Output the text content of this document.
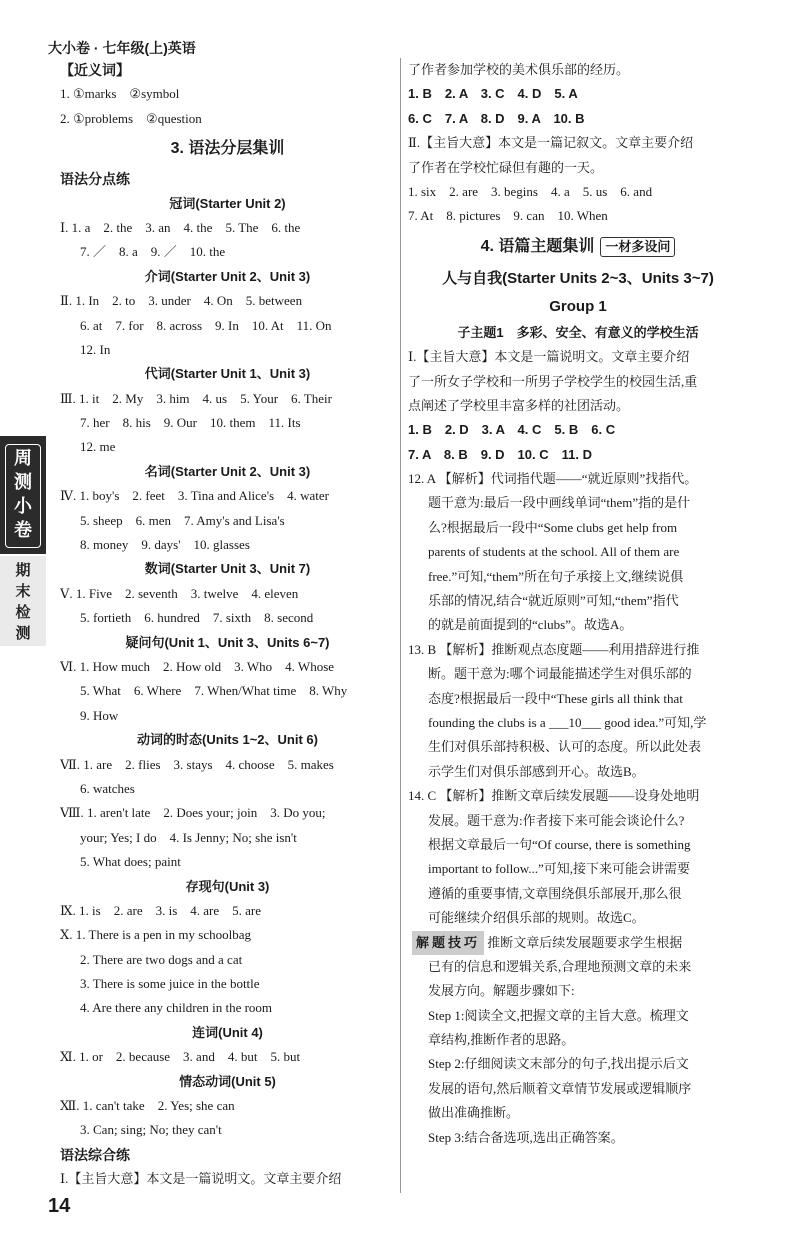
大小卷 · 七年级(上)英语
周
测
小
卷
期
末
检
测
【近义词】
1. ①marks　②symbol
2. ①problems　②question
3. 语法分层集训
语法分点练
冠词(Starter Unit 2)
Ⅰ. 1. a　2. the　3. an　4. the　5. The　6. the
7. ／　8. a　9. ／　10. the
介词(Starter Unit 2、Unit 3)
Ⅱ. 1. In　2. to　3. under　4. On　5. between
6. at　7. for　8. across　9. In　10. At　11. On
12. In
代词(Starter Unit 1、Unit 3)
Ⅲ. 1. it　2. My　3. him　4. us　5. Your　6. Their
7. her　8. his　9. Our　10. them　11. Its
12. me
名词(Starter Unit 2、Unit 3)
Ⅳ. 1. boy's　2. feet　3. Tina and Alice's　4. water
5. sheep　6. men　7. Amy's and Lisa's
8. money　9. days'　10. glasses
数词(Starter Unit 3、Unit 7)
Ⅴ. 1. Five　2. seventh　3. twelve　4. eleven
5. fortieth　6. hundred　7. sixth　8. second
疑问句(Unit 1、Unit 3、Units 6~7)
Ⅵ. 1. How much　2. How old　3. Who　4. Whose
5. What　6. Where　7. When/What time　8. Why
9. How
动词的时态(Units 1~2、Unit 6)
Ⅶ. 1. are　2. flies　3. stays　4. choose　5. makes
6. watches
Ⅷ. 1. aren't late　2. Does your; join　3. Do you;
your; Yes; I do　4. Is Jenny; No; she isn't
5. What does; paint
存现句(Unit 3)
Ⅸ. 1. is　2. are　3. is　4. are　5. are
Ⅹ. 1. There is a pen in my schoolbag
2. There are two dogs and a cat
3. There is some juice in the bottle
4. Are there any children in the room
连词(Unit 4)
Ⅺ. 1. or　2. because　3. and　4. but　5. but
情态动词(Unit 5)
Ⅻ. 1. can't take　2. Yes; she can
3. Can; sing; No; they can't
语法综合练
Ⅰ.【主旨大意】本文是一篇说明文。文章主要介绍
了作者参加学校的美术俱乐部的经历。
1. B　2. A　3. C　4. D　5. A
6. C　7. A　8. D　9. A　10. B
Ⅱ.【主旨大意】本文是一篇记叙文。文章主要介绍
了作者在学校忙碌但有趣的一天。
1. six　2. are　3. begins　4. a　5. us　6. and
7. At　8. pictures　9. can　10. When
4. 语篇主题集训 一材多设问
人与自我(Starter Units 2~3、Units 3~7)
Group 1
子主题1　多彩、安全、有意义的学校生活
Ⅰ.【主旨大意】本文是一篇说明文。文章主要介绍
了一所女子学校和一所男子学校学生的校园生活,重
点阐述了学校里丰富多样的社团活动。
1. B　2. D　3. A　4. C　5. B　6. C
7. A　8. B　9. D　10. C　11. D
12. A 【解析】代词指代题——“就近原则”找指代。
题干意为:最后一段中画线单词“them”指的是什
么?根据最后一段中“Some clubs get help from
parents of students at the school. All of them are
free.”可知,“them”所在句子承接上文,继续说俱
乐部的情况,结合“就近原则”可知,“them”指代
的就是前面提到的“clubs”。故选A。
13. B 【解析】推断观点态度题——利用措辞进行推
断。题干意为:哪个词最能描述学生对俱乐部的
态度?根据最后一段中“These girls all think that
founding the clubs is a ___10___ good idea.”可知,学
生们对俱乐部持积极、认可的态度。所以此处表
示学生们对俱乐部感到开心。故选B。
14. C 【解析】推断文章后续发展题——设身处地明
发展。题干意为:作者接下来可能会谈论什么?
根据文章最后一句“Of course, there is something
important to follow...”可知,接下来可能会讲需要
遵循的重要事情,文章围绕俱乐部展开,那么很
可能继续介绍俱乐部的规则。故选C。
解题技巧 推断文章后续发展题要求学生根据
已有的信息和逻辑关系,合理地预测文章的未来
发展方向。解题步骤如下:
Step 1:阅读全文,把握文章的主旨大意。梳理文
章结构,推断作者的思路。
Step 2:仔细阅读文末部分的句子,找出提示后文
发展的语句,然后顺着文章情节发展或逻辑顺序
做出准确推断。
Step 3:结合备选项,选出正确答案。
14
